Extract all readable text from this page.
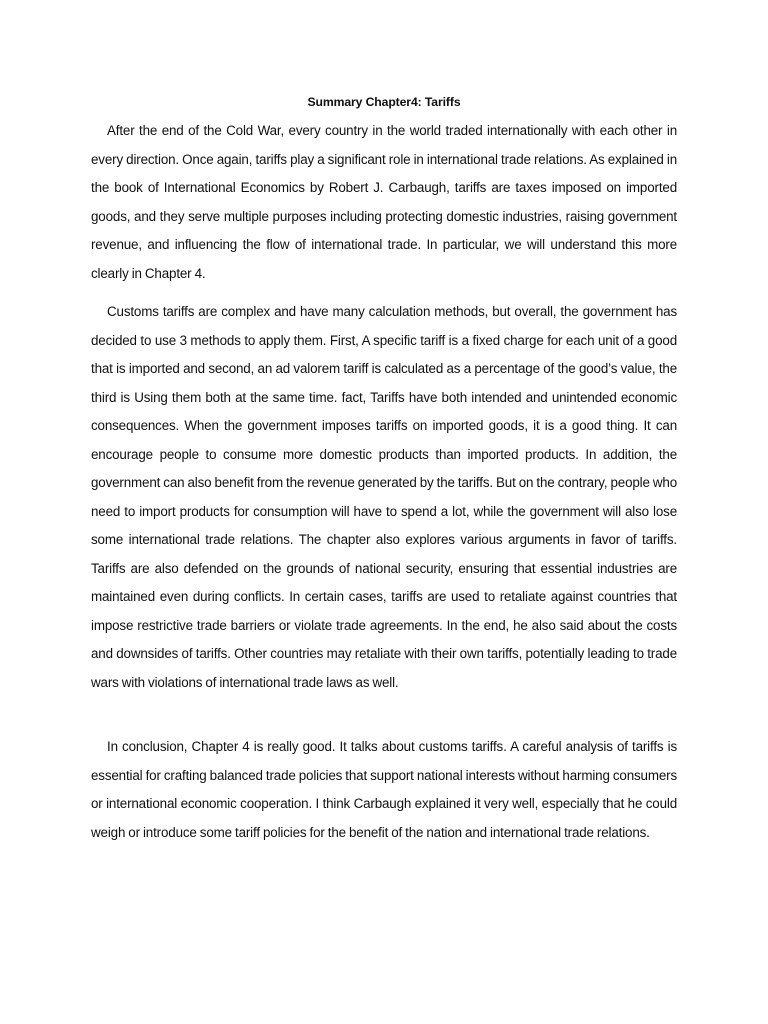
Summary Chapter4: Tariffs

After the end of the Cold War, every country in the world traded internationally with each other in every direction. Once again, tariffs play a significant role in international trade relations. As explained in the book of International Economics by Robert J. Carbaugh, tariffs are taxes imposed on imported goods, and they serve multiple purposes including protecting domestic industries, raising government revenue, and influencing the flow of international trade. In particular, we will understand this more clearly in Chapter 4.

Customs tariffs are complex and have many calculation methods, but overall, the government has decided to use 3 methods to apply them. First, A specific tariff is a fixed charge for each unit of a good that is imported and second, an ad valorem tariff is calculated as a percentage of the good’s value, the third is Using them both at the same time. fact, Tariffs have both intended and unintended economic consequences. When the government imposes tariffs on imported goods, it is a good thing. It can encourage people to consume more domestic products than imported products. In addition, the government can also benefit from the revenue generated by the tariffs. But on the contrary, people who need to import products for consumption will have to spend a lot, while the government will also lose some international trade relations. The chapter also explores various arguments in favor of tariffs. Tariffs are also defended on the grounds of national security, ensuring that essential industries are maintained even during conflicts. In certain cases, tariffs are used to retaliate against countries that impose restrictive trade barriers or violate trade agreements. In the end, he also said about the costs and downsides of tariffs. Other countries may retaliate with their own tariffs, potentially leading to trade wars with violations of international trade laws as well.

In conclusion, Chapter 4 is really good. It talks about customs tariffs. A careful analysis of tariffs is essential for crafting balanced trade policies that support national interests without harming consumers or international economic cooperation. I think Carbaugh explained it very well, especially that he could weigh or introduce some tariff policies for the benefit of the nation and international trade relations.
